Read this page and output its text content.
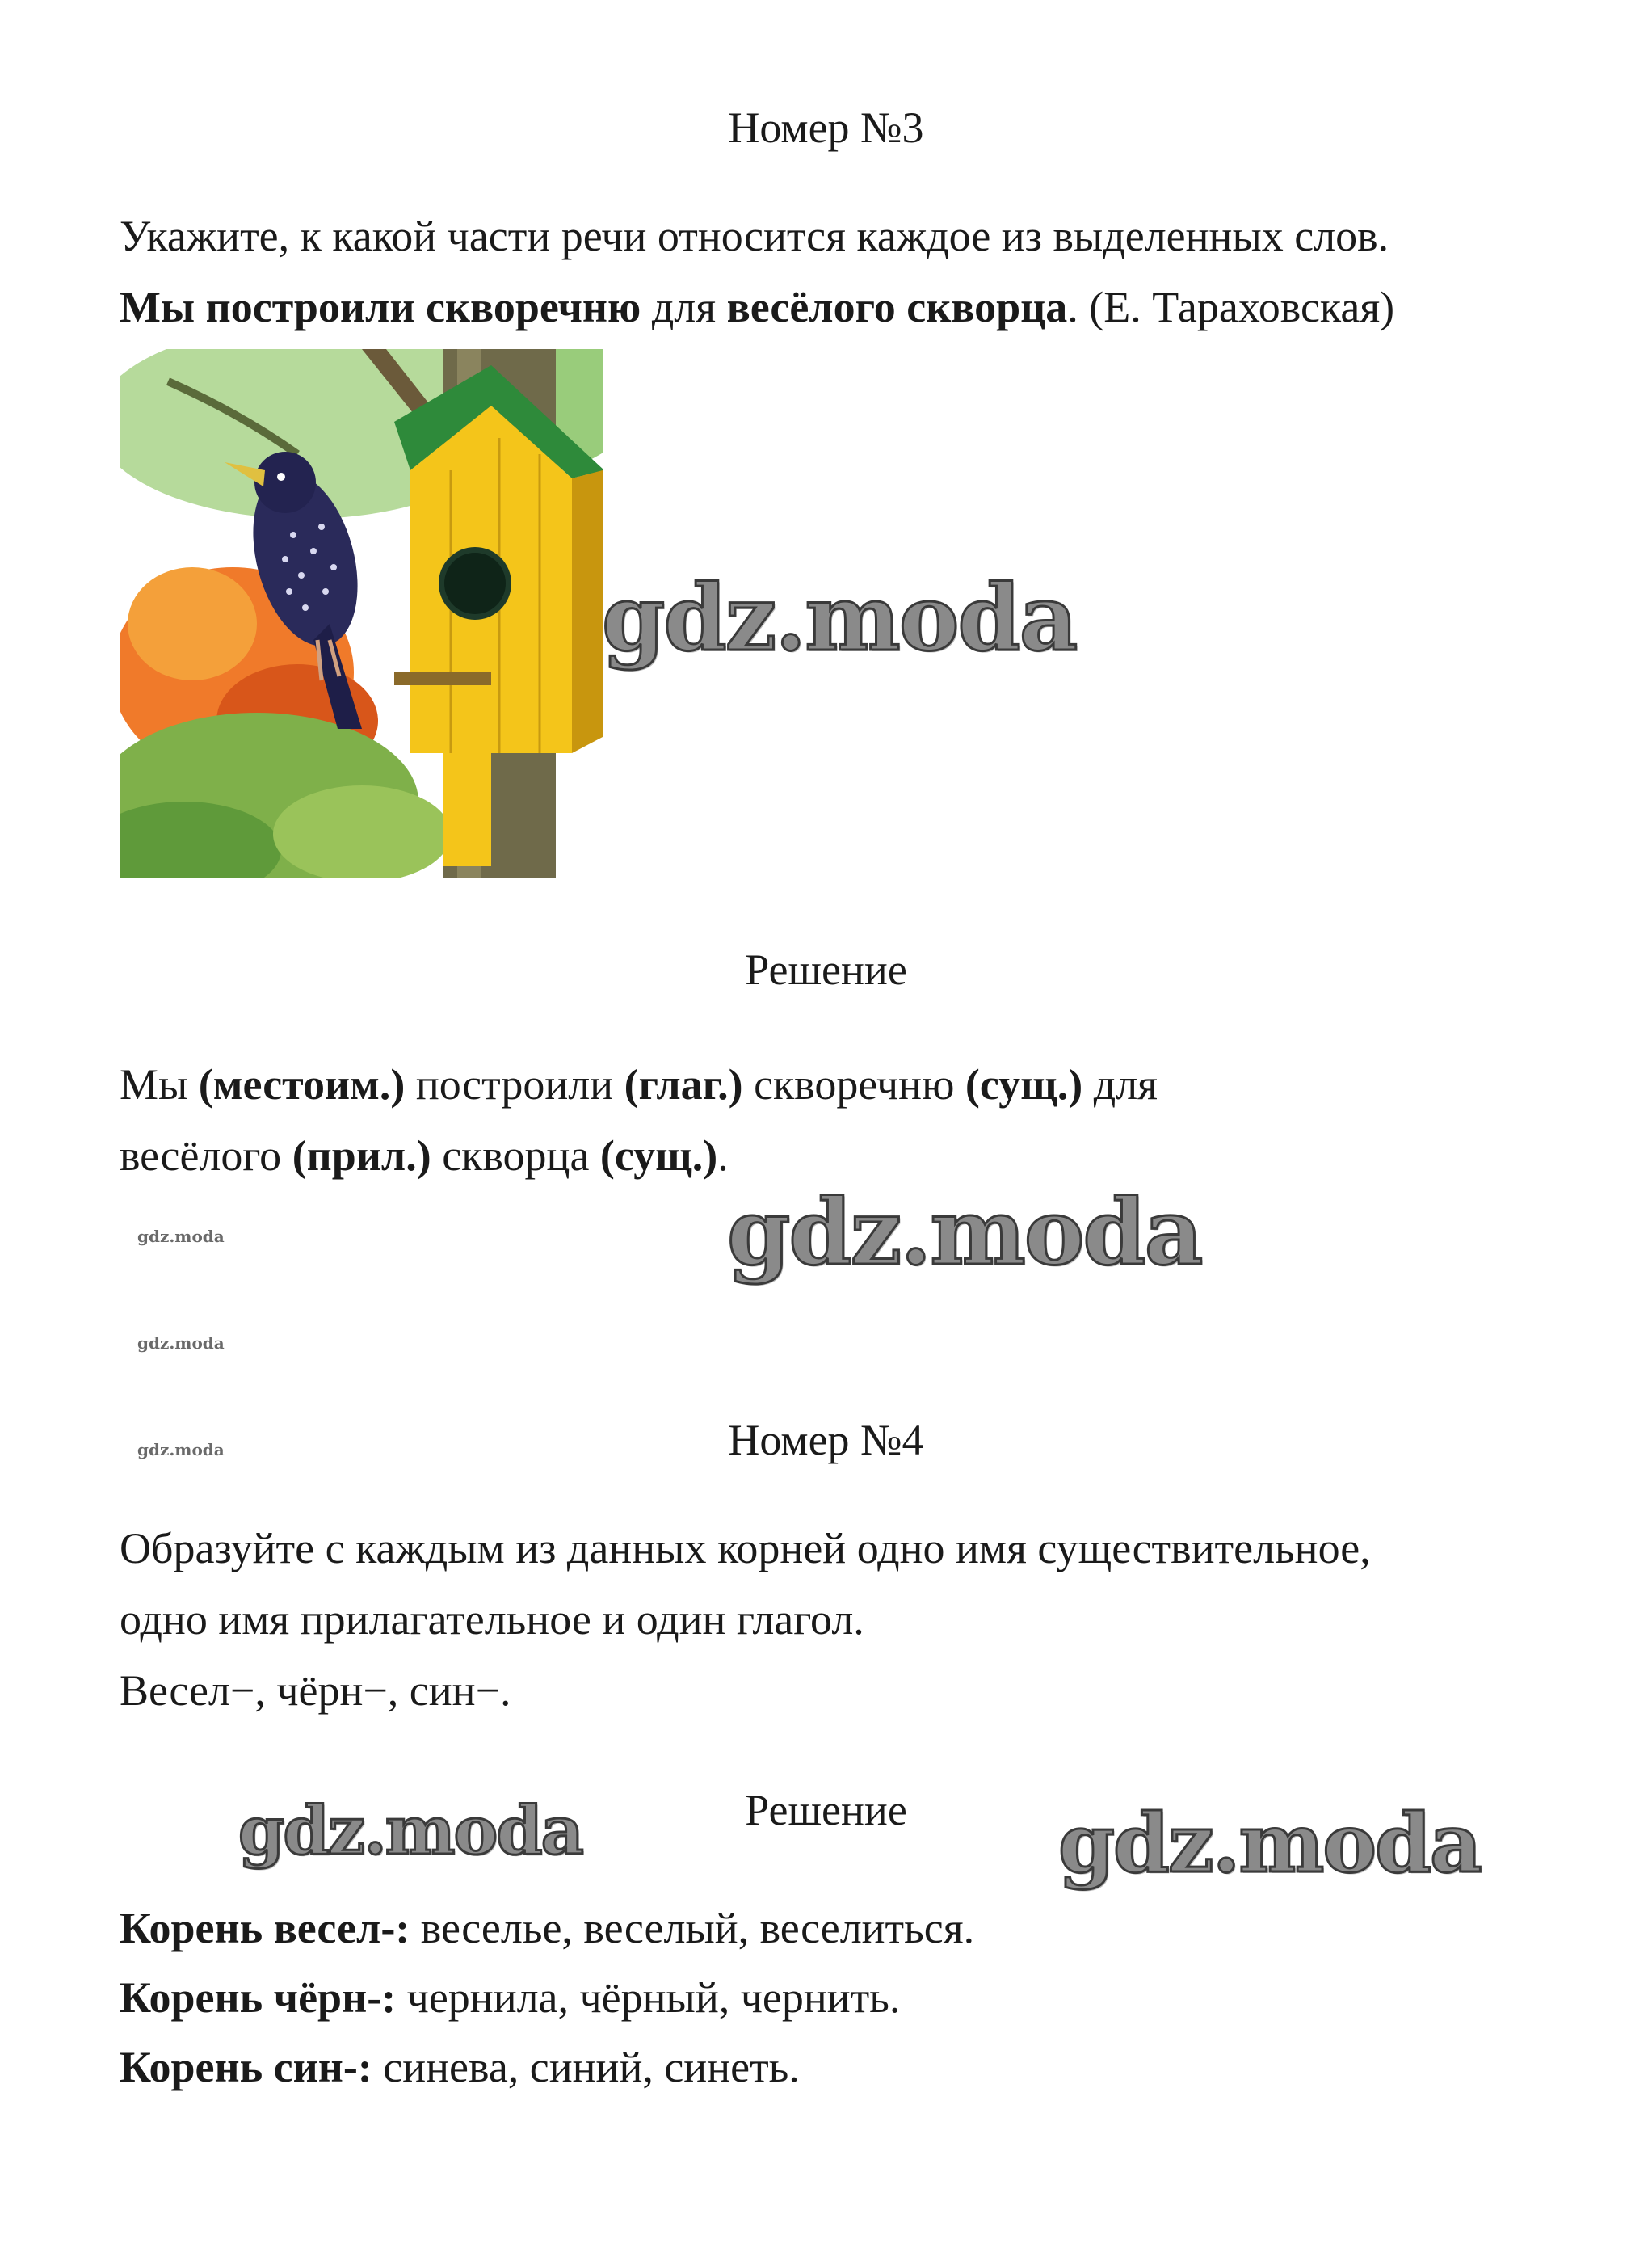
Номер №3
Укажите, к какой части речи относится каждое из выделенных слов.
Мы построили скворечню для весёлого скворца. (Е. Тараховская)
gdz.moda
Решение
Мы (местоим.) построили (глаг.) скворечню (сущ.) для
весёлого (прил.) скворца (сущ.).
gdz.moda
gdz.moda
gdz.moda
gdz.moda	Номер №4
Образуйте с каждым из данных корней одно имя существительное,
одно имя прилагательное и один глагол.
Весел−, чёрн−, син−.
gdz.moda	Решение	gdz.moda
Корень весел-: веселье, веселый, веселиться.
Корень чёрн-: чернила, чёрный, чернить.
Корень син-: синева, синий, синеть.
